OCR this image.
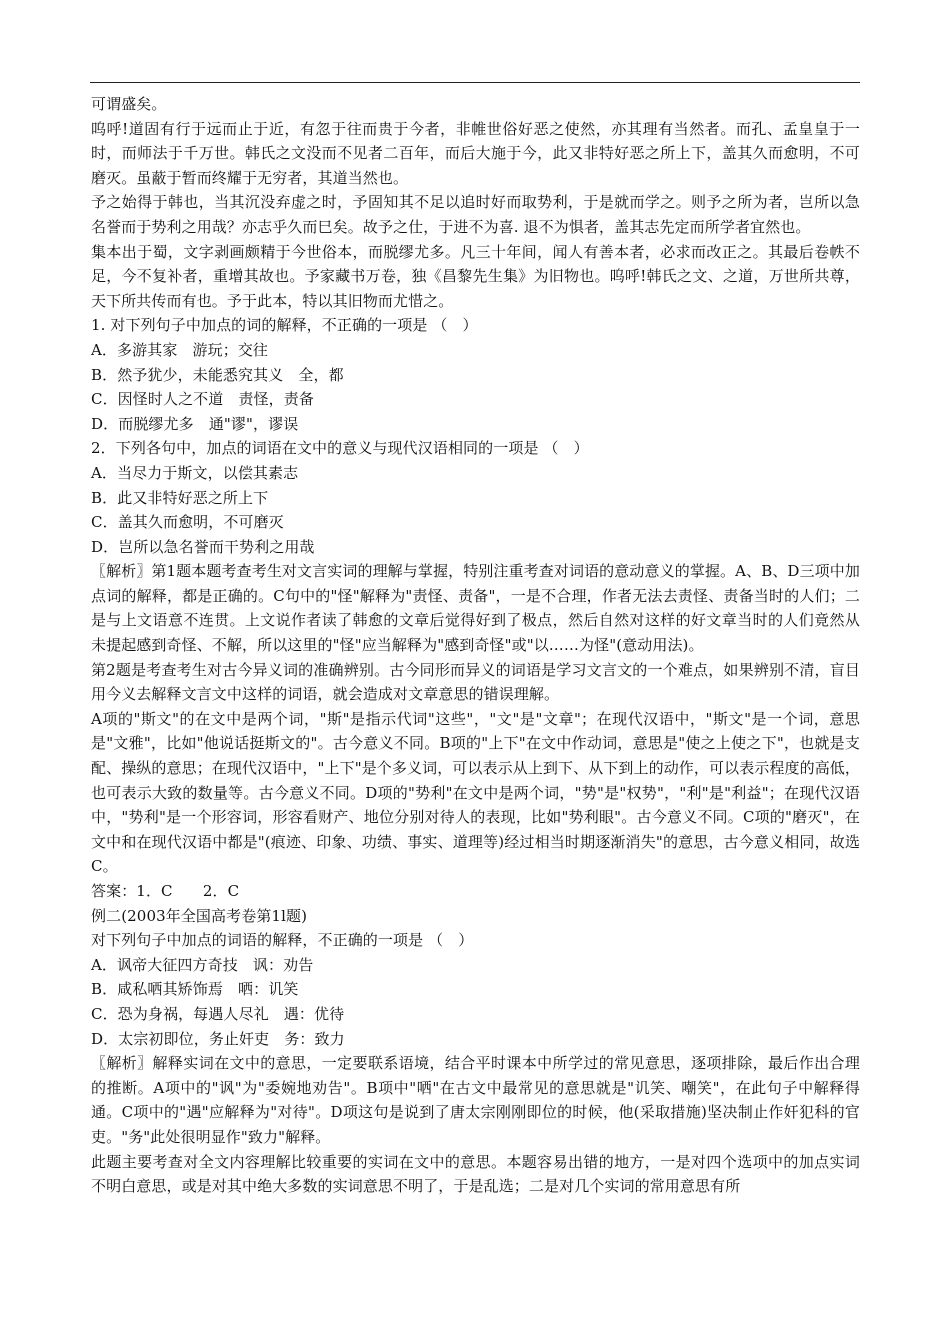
可谓盛矣。

呜呼!道固有行于远而止于近，有忽于往而贵于今者，非帷世俗好恶之使然，亦其理有当然者。而孔、孟皇皇于一时，而师法于千万世。韩氏之文没而不见者二百年，而后大施于今，此又非特好恶之所上下，盖其久而愈明，不可磨灭。虽蔽于暂而终耀于无穷者，其道当然也。

予之始得于韩也，当其沉没弃虚之时，予固知其不足以追时好而取势利，于是就而学之。则予之所为者，岂所以急名誉而于势利之用哉？亦志乎久而巳矣。故予之仕，于进不为喜. 退不为惧者，盖其志先定而所学者宜然也。

集本出于蜀，文字剥画颇精于今世俗本，而脱缪尤多。凡三十年间，闻人有善本者，必求而改正之。其最后卷帙不足，今不复补者，重增其故也。予家藏书万卷，独《昌黎先生集》为旧物也。呜呼!韩氏之文、之道，万世所共尊，天下所共传而有也。予于此本，特以其旧物而尤惜之。

1. 对下列句子中加点的词的解释，不正确的一项是 （　）

A．多游其家　游玩；交往

B．然予犹少，未能悉究其义　全，都

C．因怪时人之不道　责怪，责备

D．而脱缪尤多　通"谬"，谬误

2．下列各句中，加点的词语在文中的意义与现代汉语相同的一项是 （　）

A．当尽力于斯文，以偿其素志

B．此又非特好恶之所上下

C．盖其久而愈明，不可磨灭

D．岂所以急名誉而干势利之用哉

〖解析〗第1题本题考查考生对文言实词的理解与掌握，特别注重考查对词语的意动意义的掌握。A、B、D三项中加点词的解释，都是正确的。C句中的"怪"解释为"责怪、责备"，一是不合理，作者无法去责怪、责备当时的人们；二是与上文语意不连贯。上文说作者读了韩愈的文章后觉得好到了极点，然后自然对这样的好文章当时的人们竟然从未提起感到奇怪、不解，所以这里的"怪"应当解释为"感到奇怪"或"以……为怪"(意动用法)。

第2题是考查考生对古今异义词的准确辨别。古今同形而异义的词语是学习文言文的一个难点，如果辨别不清，盲目用今义去解释文言文中这样的词语，就会造成对文章意思的错误理解。

A项的"斯文"的在文中是两个词，"斯"是指示代词"这些"，"文"是"文章"；在现代汉语中，"斯文"是一个词，意思是"文雅"，比如"他说话挺斯文的"。古今意义不同。B项的"上下"在文中作动词，意思是"使之上使之下"，也就是支配、操纵的意思；在现代汉语中，"上下"是个多义词，可以表示从上到下、从下到上的动作，可以表示程度的高低，也可表示大致的数量等。古今意义不同。D项的"势利"在文中是两个词，"势"是"权势"，"利"是"利益"；在现代汉语中，"势利"是一个形容词，形容看财产、地位分别对待人的表现，比如"势利眼"。古今意义不同。C项的"磨灭"，在文中和在现代汉语中都是"(痕迹、印象、功绩、事实、道理等)经过相当时期逐渐消失"的意思，古今意义相同，故选C。

答案：1．C　　2．C

例二(2003年全国高考卷第1l题)

对下列句子中加点的词语的解释，不正确的一项是 （　）

A．讽帝大征四方奇技　讽：劝告

B．咸私哂其矫饰焉　哂：讥笑

C．恐为身祸，每遇人尽礼　遇：优待

D．太宗初即位，务止奸吏　务：致力

〖解析〗解释实词在文中的意思，一定要联系语境，结合平时课本中所学过的常见意思，逐项排除，最后作出合理的推断。A项中的"讽"为"委婉地劝告"。B项中"哂"在古文中最常见的意思就是"讥笑、嘲笑"，在此句子中解释得通。C项中的"遇"应解释为"对待"。D项这句是说到了唐太宗刚刚即位的时候，他(采取措施)坚决制止作奸犯科的官吏。"务"此处很明显作"致力"解释。

此题主要考查对全文内容理解比较重要的实词在文中的意思。本题容易出错的地方，一是对四个选项中的加点实词不明白意思，或是对其中绝大多数的实词意思不明了，于是乱选；二是对几个实词的常用意思有所
